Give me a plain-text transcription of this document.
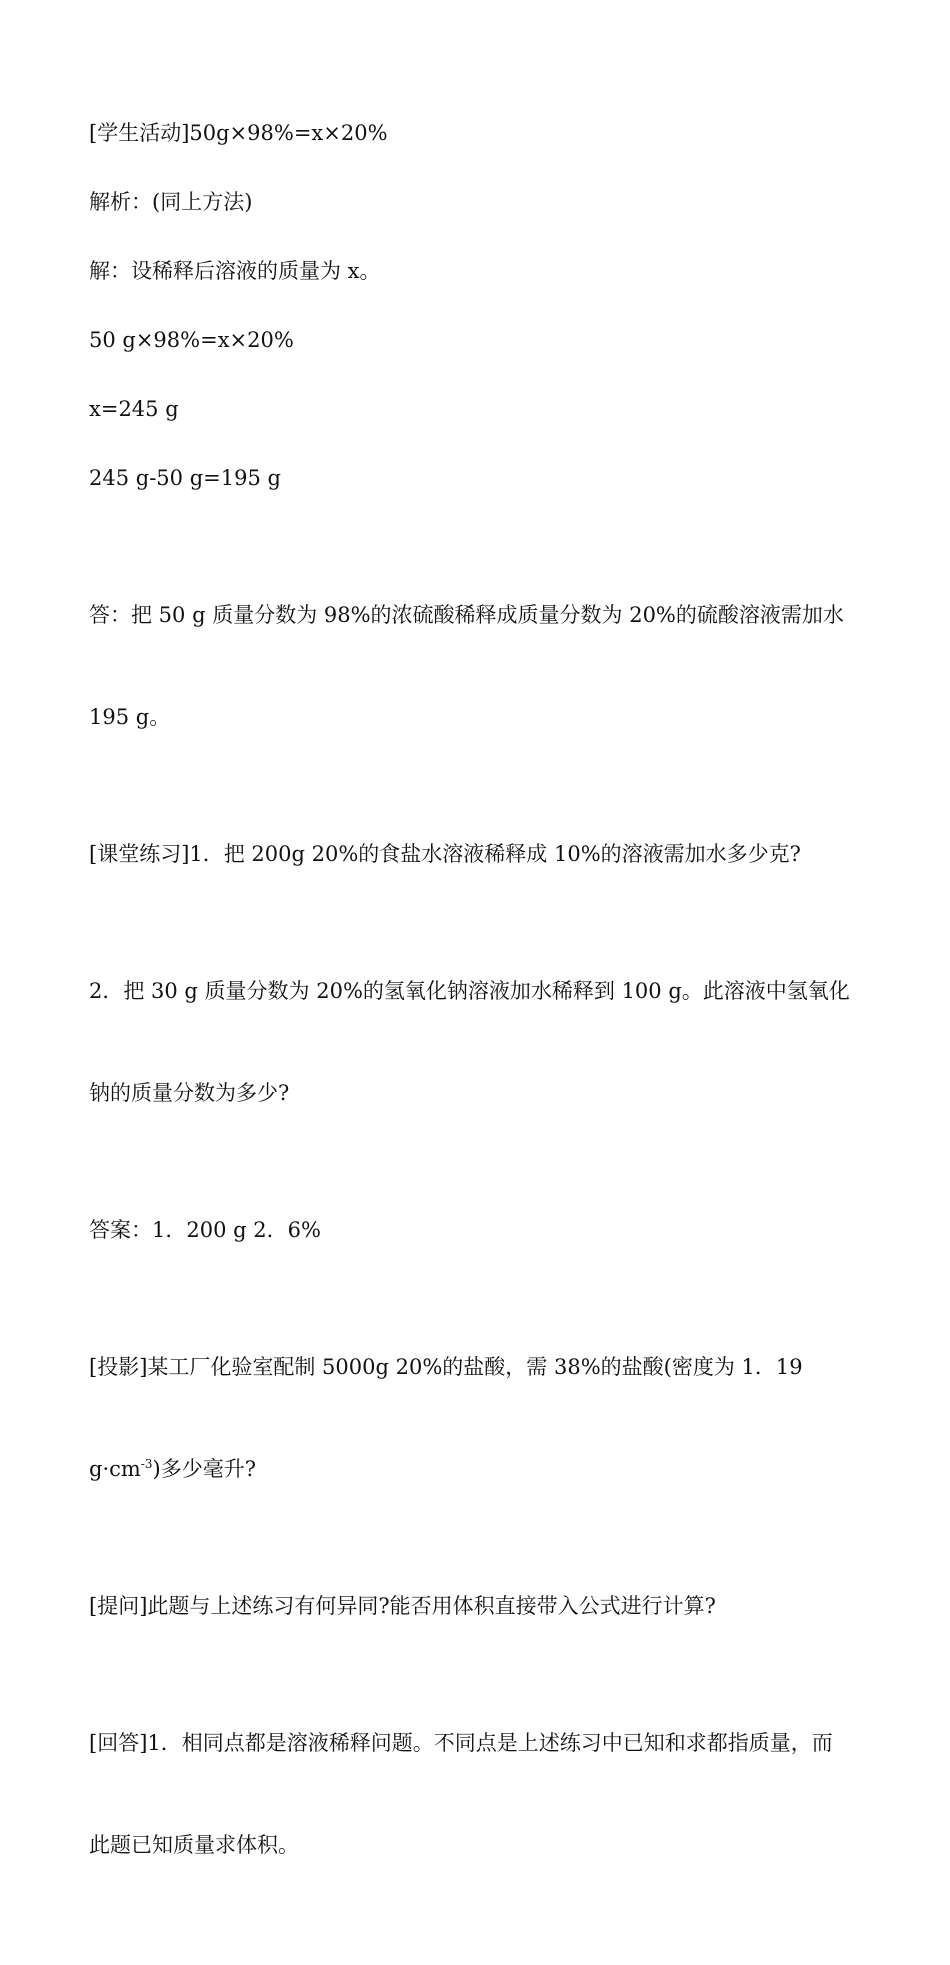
[学生活动]50g×98%=x×20%

解析：(同上方法)

解：设稀释后溶液的质量为 x。

50 g×98%=x×20%

x=245 g

245 g-50 g=195 g

答：把 50 g 质量分数为 98%的浓硫酸稀释成质量分数为 20%的硫酸溶液需加水

195 g。

[课堂练习]1．把 200g 20%的食盐水溶液稀释成 10%的溶液需加水多少克?

2．把 30 g 质量分数为 20%的氢氧化钠溶液加水稀释到 100 g。此溶液中氢氧化

钠的质量分数为多少?

答案：1．200 g 2．6%

[投影]某工厂化验室配制 5000g 20%的盐酸，需 38%的盐酸(密度为 1．19

$g\cdot cm^{-3}$)多少毫升?

[提问]此题与上述练习有何异同?能否用体积直接带入公式进行计算?

[回答]1．相同点都是溶液稀释问题。不同点是上述练习中已知和求都指质量，而

此题已知质量求体积。
